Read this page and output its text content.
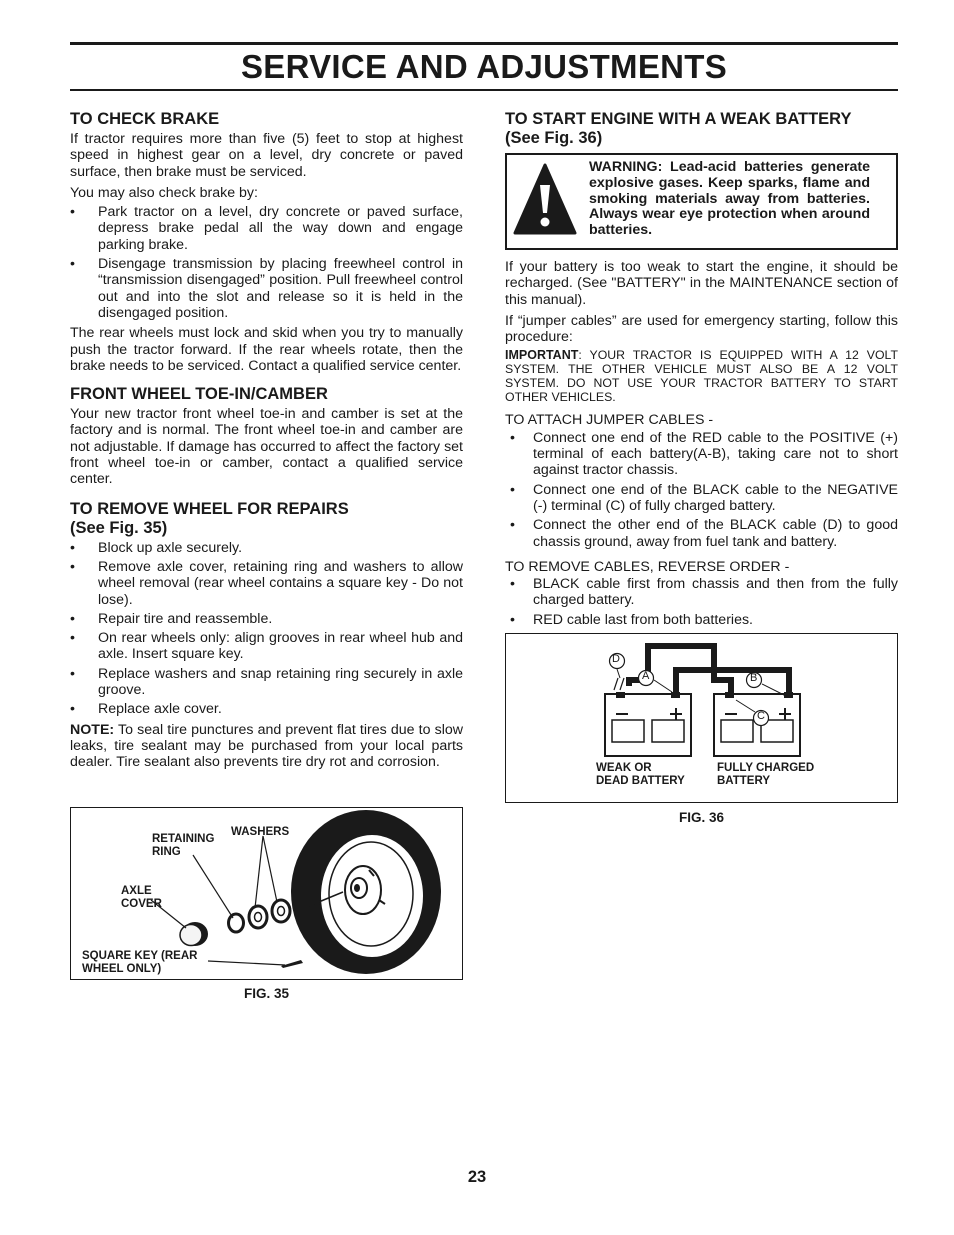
SERVICE AND ADJUSTMENTS
TO CHECK BRAKE

If tractor requires more than five (5) feet to stop at highest speed in highest gear on a level, dry concrete or paved surface, then brake must be serviced.

You may also check brake by:

• Park tractor on a level, dry concrete or paved surface, depress brake pedal all the way down and engage parking brake.
• Disengage transmission by placing freewheel control in “transmission disengaged” position. Pull freewheel control out and into the slot and release so it is held in the disengaged position.

The rear wheels must lock and skid when you try to manually push the tractor forward. If the rear wheels rotate, then the brake needs to be serviced. Contact a qualified service center.

FRONT WHEEL TOE-IN/CAMBER

Your new tractor front wheel toe-in and camber is set at the factory and is normal. The front wheel toe-in and camber are not adjustable. If damage has occurred to affect the factory set front wheel toe-in or camber, contact a qualified service center.

TO REMOVE WHEEL FOR REPAIRS
(See Fig. 35)
• Block up axle securely.
• Remove axle cover, retaining ring and washers to allow wheel removal (rear wheel contains a square key - Do not lose).
• Repair tire and reassemble.
• On rear wheels only: align grooves in rear wheel hub and axle. Insert square key.
• Replace washers and snap retaining ring securely in axle groove.
• Replace axle cover.

NOTE: To seal tire punctures and prevent flat tires due to slow leaks, tire sealant may be purchased from your local parts dealer. Tire sealant also prevents tire dry rot and corrosion.

RETAINING
RING
WASHERS
AXLE
COVER
SQUARE KEY (REAR
WHEEL ONLY)
FIG. 35
TO START ENGINE WITH A WEAK BATTERY
(See Fig. 36)
WARNING: Lead-acid batteries generate explosive gases. Keep sparks, flame and smoking materials away from batteries. Always wear eye protection when around batteries.

If your battery is too weak to start the engine, it should be recharged. (See "BATTERY" in the MAINTENANCE section of this manual).

If “jumper cables” are used for emergency starting, follow this procedure:

IMPORTANT: YOUR TRACTOR IS EQUIPPED WITH A 12 VOLT SYSTEM. THE OTHER VEHICLE MUST ALSO BE A 12 VOLT SYSTEM. DO NOT USE YOUR TRACTOR BATTERY TO START OTHER VEHICLES.
TO ATTACH JUMPER CABLES -
• Connect one end of the RED cable to the POSITIVE (+) terminal of each battery(A-B), taking care not to short against tractor chassis.
• Connect one end of the BLACK cable to the NEGATIVE (-) terminal (C) of fully charged battery.
• Connect the other end of the BLACK cable (D) to good chassis ground, away from fuel tank and battery.
TO REMOVE CABLES, REVERSE ORDER -
• BLACK cable first from chassis and then from the fully charged battery.
• RED cable last from both batteries.
D
A	B
C
WEAK OR
DEAD BATTERY
FULLY CHARGED
BATTERY
FIG. 36
23
